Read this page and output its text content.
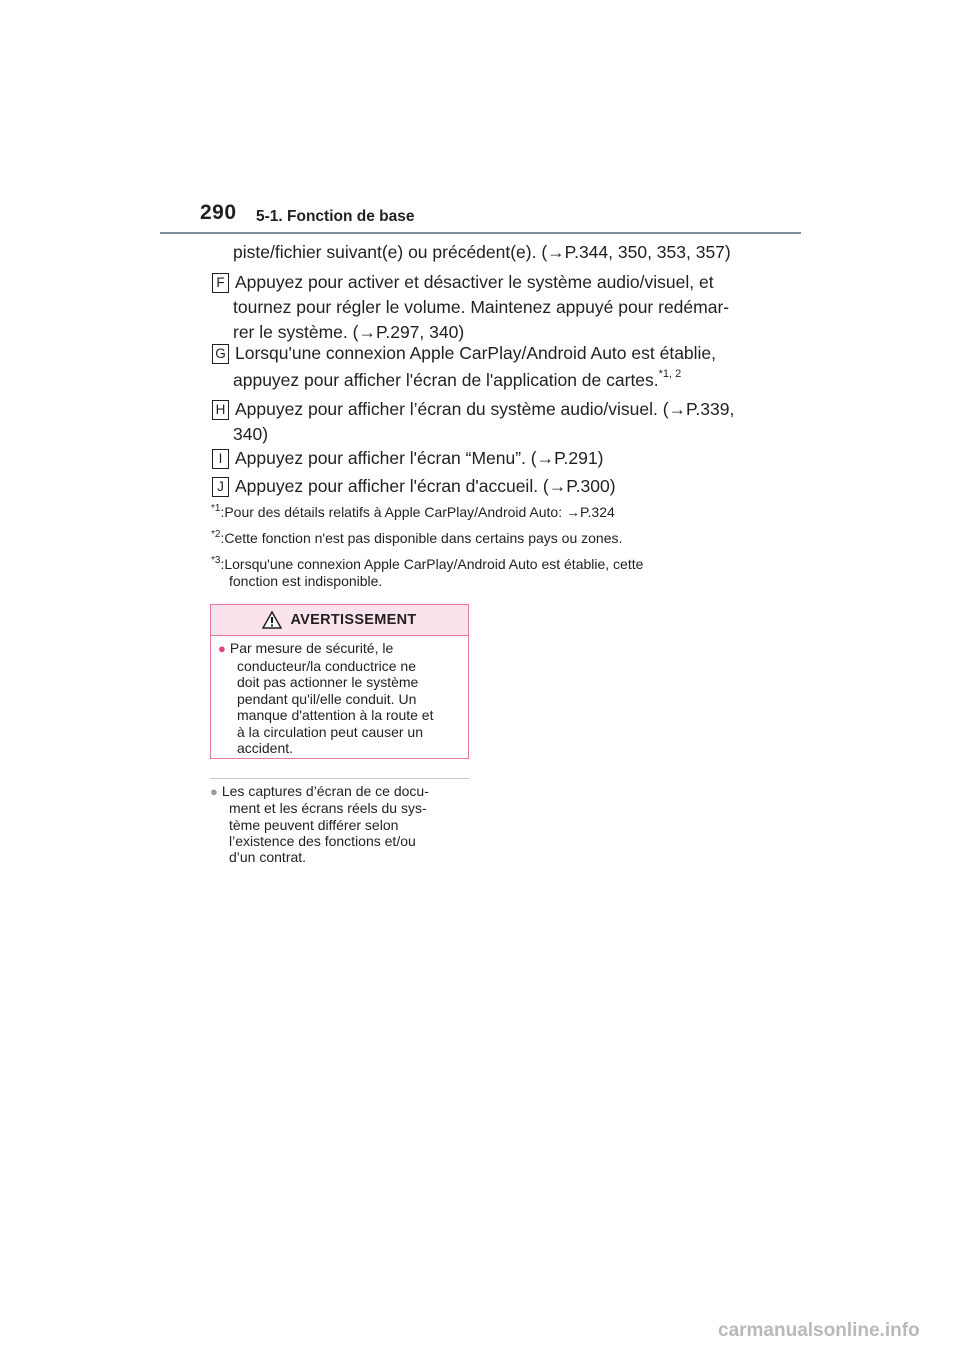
290 5-1. Fonction de base
piste/fichier suivant(e) ou précédent(e). (→P.344, 350, 353, 357)
F Appuyez pour activer et désactiver le système audio/visuel, et
tournez pour régler le volume. Maintenez appuyé pour redémar-
rer le système. (→P.297, 340)
G Lorsqu'une connexion Apple CarPlay/Android Auto est établie,
appuyez pour afficher l'écran de l'application de cartes.$^{*1, 2}$
H Appuyez pour afficher l’écran du système audio/visuel. (→P.339,
340)
I Appuyez pour afficher l'écran “Menu”. (→P.291)
J Appuyez pour afficher l'écran d'accueil. (→P.300)
$^{*1}$:Pour des détails relatifs à Apple CarPlay/Android Auto: →P.324
$^{*2}$:Cette fonction n'est pas disponible dans certains pays ou zones.
$^{*3}$:Lorsqu'une connexion Apple CarPlay/Android Auto est établie, cette
fonction est indisponible.
AVERTISSEMENT
● Par mesure de sécurité, le
conducteur/la conductrice ne
doit pas actionner le système
pendant qu'il/elle conduit. Un
manque d'attention à la route et
à la circulation peut causer un
accident.
● Les captures d’écran de ce docu-
ment et les écrans réels du sys-
tème peuvent différer selon
l’existence des fonctions et/ou
d’un contrat.
carmanualsonline.info
